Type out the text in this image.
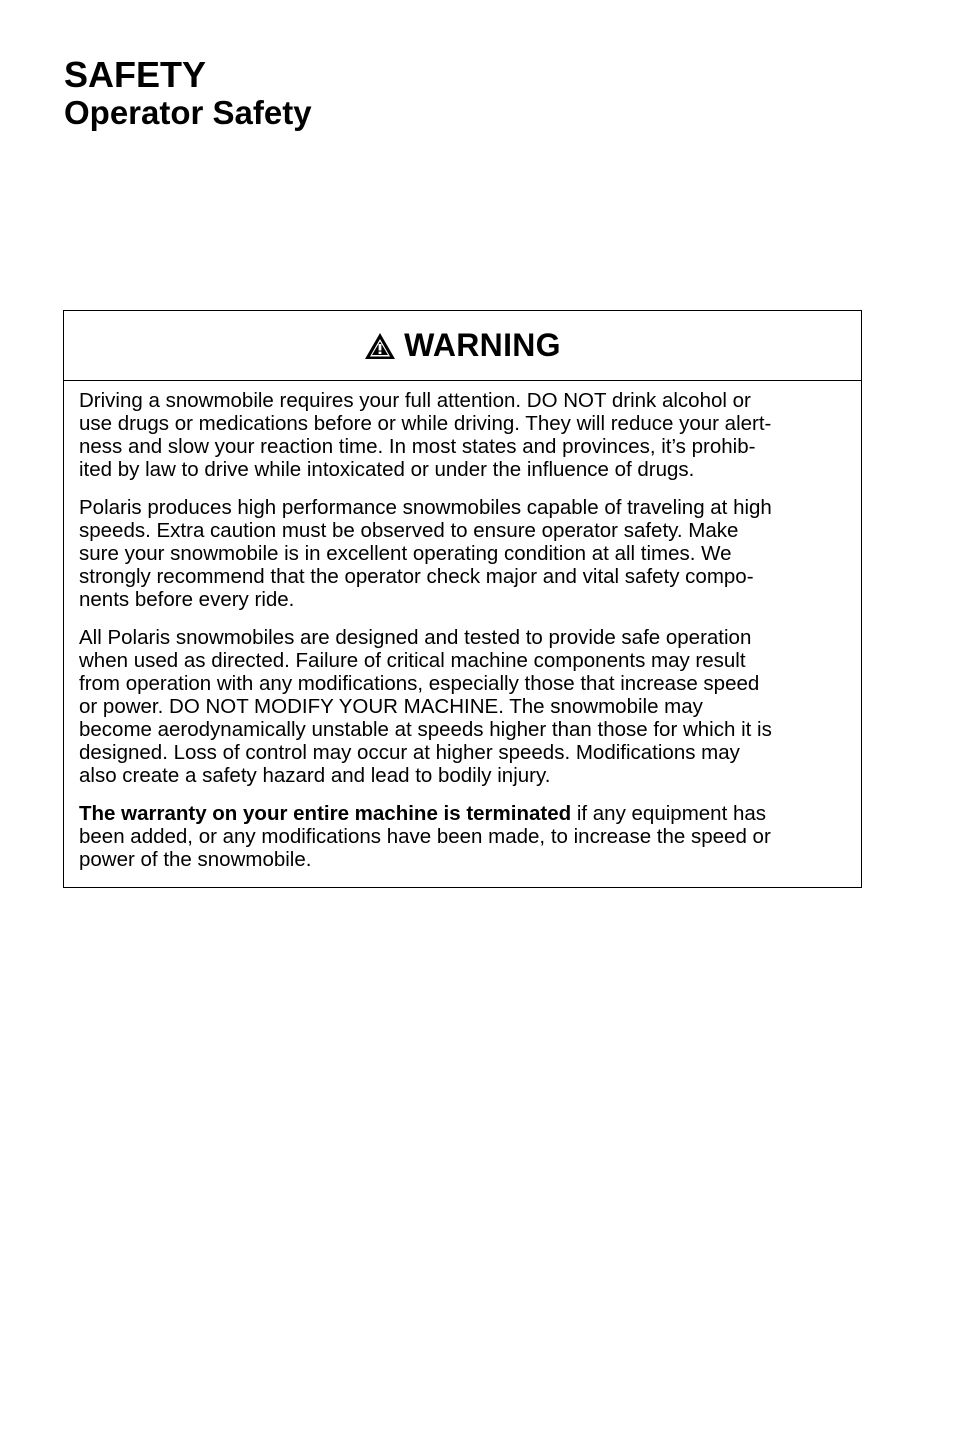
SAFETY
Operator Safety
WARNING

Driving a snowmobile requires your full attention. DO NOT drink alcohol or
use drugs or medications before or while driving. They will reduce your alert-
ness and slow your reaction time. In most states and provinces, it’s prohib-
ited by law to drive while intoxicated or under the influence of drugs.

Polaris produces high performance snowmobiles capable of traveling at high
speeds. Extra caution must be observed to ensure operator safety. Make
sure your snowmobile is in excellent operating condition at all times. We
strongly recommend that the operator check major and vital safety compo-
nents before every ride.

All Polaris snowmobiles are designed and tested to provide safe operation
when used as directed. Failure of critical machine components may result
from operation with any modifications, especially those that increase speed
or power. DO NOT MODIFY YOUR MACHINE. The snowmobile may
become aerodynamically unstable at speeds higher than those for which it is
designed. Loss of control may occur at higher speeds. Modifications may
also create a safety hazard and lead to bodily injury.

The warranty on your entire machine is terminated if any equipment has
been added, or any modifications have been made, to increase the speed or
power of the snowmobile.
